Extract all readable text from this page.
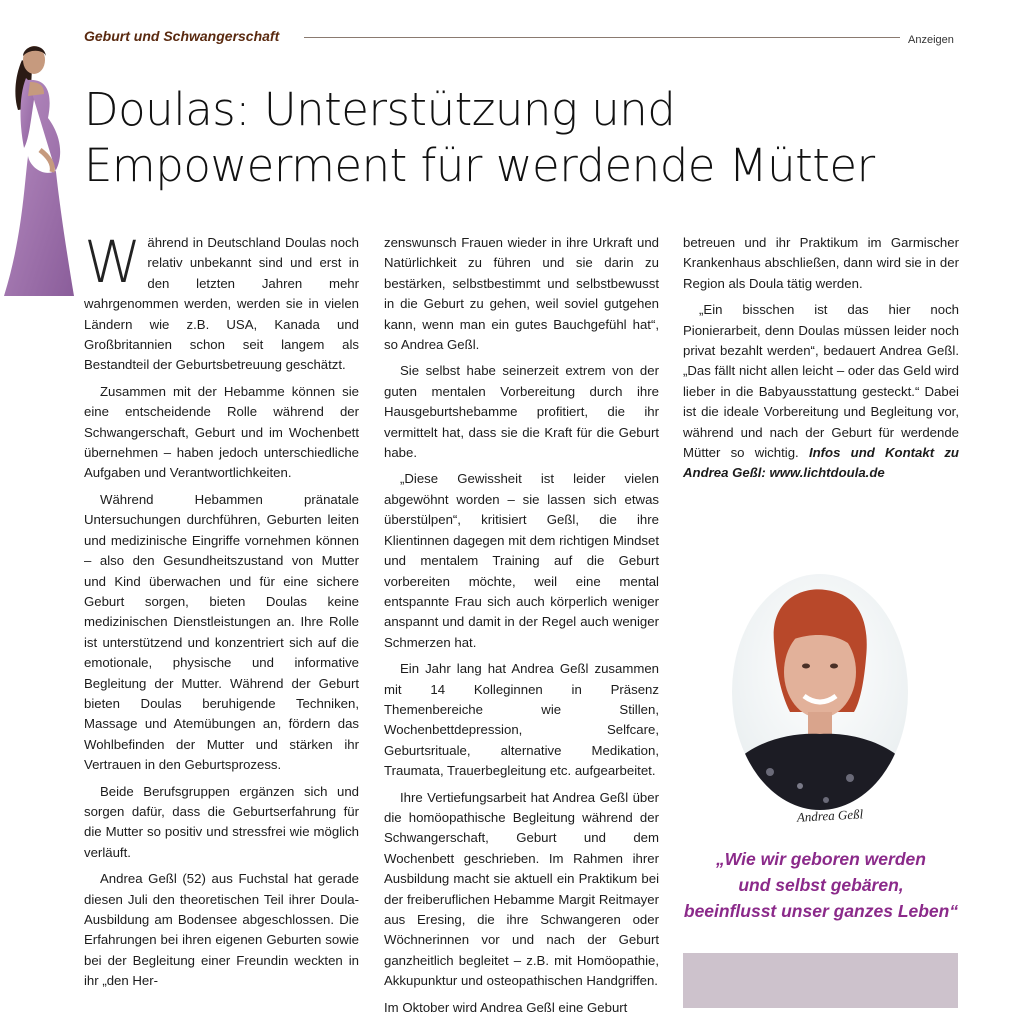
Geburt und Schwangerschaft	Anzeigen
Doulas: Unterstützung und
Empowerment für werdende Mütter

Während in Deutschland Doulas noch relativ unbekannt sind und erst in den letzten Jahren mehr wahrgenommen werden, werden sie in vielen Ländern wie z.B. USA, Kanada und Großbritannien schon seit langem als Bestandteil der Geburtsbetreuung geschätzt.

Zusammen mit der Hebamme können sie eine entscheidende Rolle während der Schwangerschaft, Geburt und im Wochenbett übernehmen – haben jedoch unterschiedliche Aufgaben und Verantwortlichkeiten.

Während Hebammen pränatale Untersuchungen durchführen, Geburten leiten und medizinische Eingriffe vornehmen können – also den Gesundheitszustand von Mutter und Kind überwachen und für eine sichere Geburt sorgen, bieten Doulas keine medizinischen Dienstleistungen an. Ihre Rolle ist unterstützend und konzentriert sich auf die emotionale, physische und informative Begleitung der Mutter. Während der Geburt bieten Doulas beruhigende Techniken, Massage und Atemübungen an, fördern das Wohlbefinden der Mutter und stärken ihr Vertrauen in den Geburtsprozess.

Beide Berufsgruppen ergänzen sich und sorgen dafür, dass die Geburtserfahrung für die Mutter so positiv und stressfrei wie möglich verläuft.

Andrea Geßl (52) aus Fuchstal hat gerade diesen Juli den theoretischen Teil ihrer Doula-Ausbildung am Bodensee abgeschlossen. Die Erfahrungen bei ihren eigenen Geburten sowie bei der Begleitung einer Freundin weckten in ihr „den Her-

zenswunsch Frauen wieder in ihre Urkraft und Natürlichkeit zu führen und sie darin zu bestärken, selbstbestimmt und selbstbewusst in die Geburt zu gehen, weil soviel gutgehen kann, wenn man ein gutes Bauchgefühl hat“, so Andrea Geßl.

Sie selbst habe seinerzeit extrem von der guten mentalen Vorbereitung durch ihre Hausgeburtshebamme profitiert, die ihr vermittelt hat, dass sie die Kraft für die Geburt habe.

„Diese Gewissheit ist leider vielen abgewöhnt worden – sie lassen sich etwas überstülpen“, kritisiert Geßl, die ihre Klientinnen dagegen mit dem richtigen Mindset und mentalem Training auf die Geburt vorbereiten möchte, weil eine mental entspannte Frau sich auch körperlich weniger anspannt und damit in der Regel auch weniger Schmerzen hat.

Ein Jahr lang hat Andrea Geßl zusammen mit 14 Kolleginnen in Präsenz Themenbereiche wie Stillen, Wochenbettdepression, Selfcare, Geburtsrituale, alternative Medikation, Traumata, Trauerbegleitung etc. aufgearbeitet.

Ihre Vertiefungsarbeit hat Andrea Geßl über die homöopathische Begleitung während der Schwangerschaft, Geburt und dem Wochenbett geschrieben. Im Rahmen ihrer Ausbildung macht sie aktuell ein Praktikum bei der freiberuflichen Hebamme Margit Reitmayer aus Eresing, die ihre Schwangeren oder Wöchnerinnen vor und nach der Geburt ganzheitlich begleitet – z.B. mit Homöopathie, Akkupunktur und osteopathischen Handgriffen.

Im Oktober wird Andrea Geßl eine Geburt

betreuen und ihr Praktikum im Garmischer Krankenhaus abschließen, dann wird sie in der Region als Doula tätig werden.

„Ein bisschen ist das hier noch Pionierarbeit, denn Doulas müssen leider noch privat bezahlt werden“, bedauert Andrea Geßl. „Das fällt nicht allen leicht – oder das Geld wird lieber in die Babyausstattung gesteckt.“ Dabei ist die ideale Vorbereitung und Begleitung vor, während und nach der Geburt für werdende Mütter so wichtig. Infos und Kontakt zu Andrea Geßl: www.lichtdoula.de

Andrea Geßl
„Wie wir geboren werden
und selbst gebären,
beeinflusst unser ganzes Leben“
